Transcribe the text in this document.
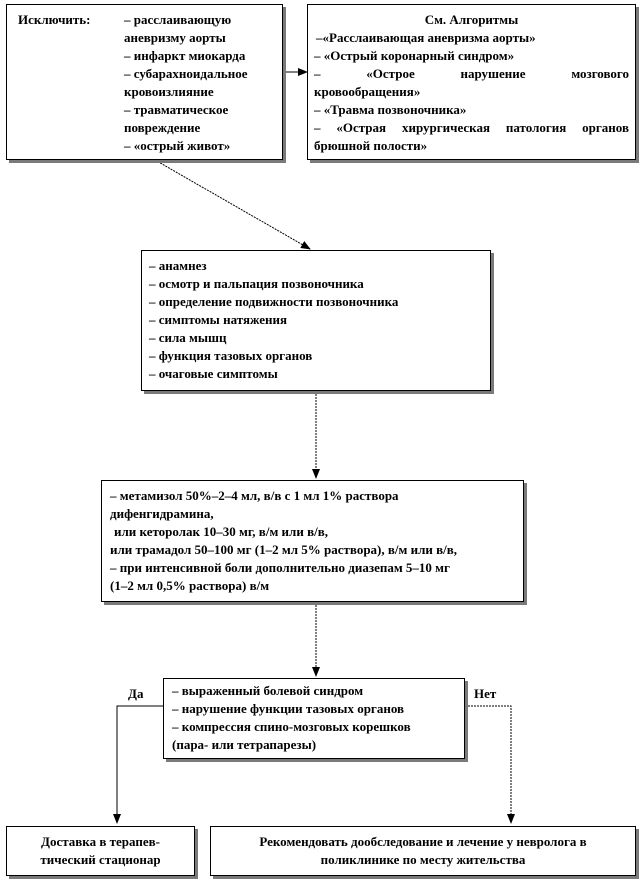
Исключить:	– расслаивающую
аневризму аорты
– инфаркт миокарда
– субарахноидальное
кровоизлияние
– травматическое
повреждение
– «острый живот»
См. Алгоритмы
–«Расслаивающая аневризма аорты»
– «Острый коронарный синдром»
– «Острое нарушение мозгового
кровообращения»
– «Травма позвоночника»
– «Острая хирургическая патология органов
брюшной полости»
– анамнез
– осмотр и пальпация позвоночника
– определение подвижности позвоночника
– симптомы натяжения
– сила мышц
– функция тазовых органов
– очаговые симптомы
– метамизол 50%–2–4 мл, в/в с 1 мл 1% раствора
дифенгидрамина,
или кеторолак 10–30 мг, в/м или в/в,
или трамадол 50–100 мг (1–2 мл 5% раствора), в/м или в/в,
– при интенсивной боли дополнительно диазепам 5–10 мг
(1–2 мл 0,5% раствора) в/м
– выраженный болевой синдром
– нарушение функции тазовых органов
– компрессия спино-мозговых корешков
(пара- или тетрапарезы)
Да	Нет
Доставка в терапев-
тический стационар
Рекомендовать дообследование и лечение у невролога в
поликлинике по месту жительства
